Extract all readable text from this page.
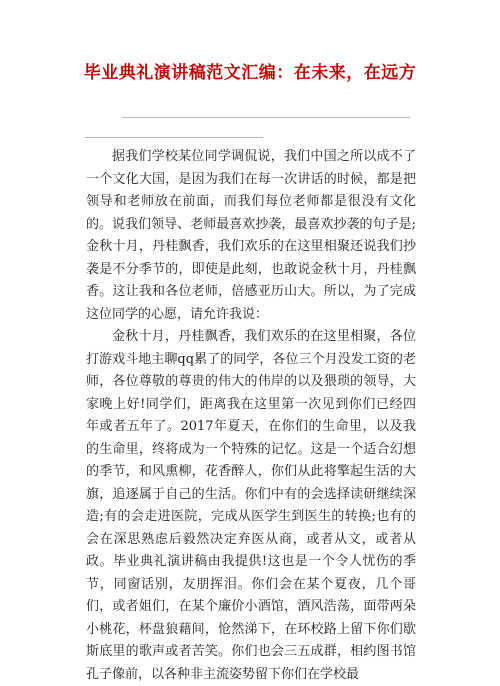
毕业典礼演讲稿范文汇编：在未来，在远方

据我们学校某位同学调侃说，我们中国之所以成不了一个文化大国，是因为我们在每一次讲话的时候，都是把领导和老师放在前面，而我们每位老师都是很没有文化的。说我们领导、老师最喜欢抄袭，最喜欢抄袭的句子是;金秋十月，丹桂飘香，我们欢乐的在这里相聚还说我们抄袭是不分季节的，即使是此刻，也敢说金秋十月，丹桂飘香。这让我和各位老师，倍感亚历山大。所以，为了完成这位同学的心愿，请允许我说：

金秋十月，丹桂飘香，我们欢乐的在这里相聚，各位打游戏斗地主聊qq累了的同学，各位三个月没发工资的老师，各位尊敬的尊贵的伟大的伟岸的以及猥琐的领导，大家晚上好!同学们，距离我在这里第一次见到你们已经四年或者五年了。2017年夏天，在你们的生命里，以及我的生命里，终将成为一个特殊的记忆。这是一个适合幻想的季节，和风熏柳，花香醉人，你们从此将擎起生活的大旗，追逐属于自己的生活。你们中有的会选择读研继续深造;有的会走进医院，完成从医学生到医生的转换;也有的会在深思熟虑后毅然决定弃医从商，或者从文，或者从政。毕业典礼演讲稿由我提供!这也是一个令人忧伤的季节，同窗话别，友朋挥泪。你们会在某个夏夜，几个哥们，或者姐们，在某个廉价小酒馆，酒风浩荡，面带两朵小桃花，杯盘狼藉间，怆然涕下，在环校路上留下你们歇斯底里的歌声或者苦笑。你们也会三五成群，相约图书馆孔子像前，以各种非主流姿势留下你们在学校最
